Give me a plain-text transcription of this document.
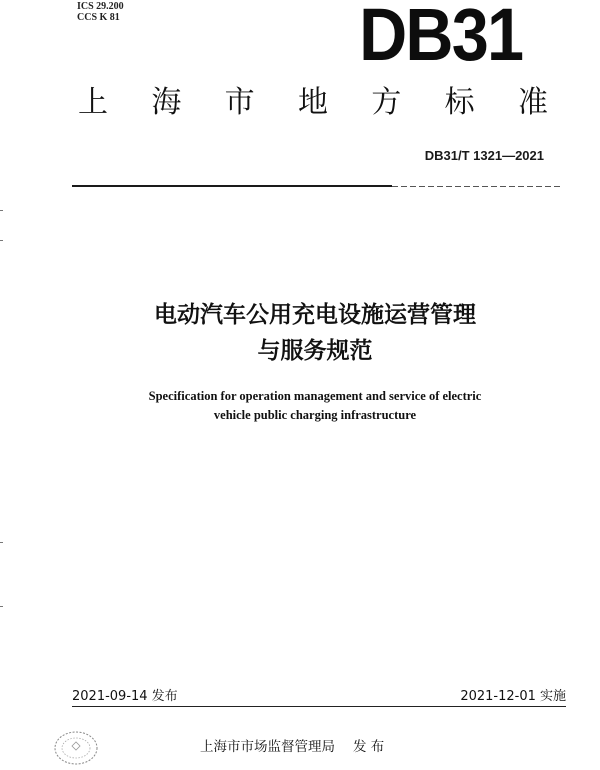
ICS 29.200
CCS K 81	DB31
上 海 市 地 方 标 准
DB31/T 1321—2021
电动汽车公用充电设施运营管理
与服务规范
Specification for operation management and service of electric
vehicle public charging infrastructure
2021-09-14 发布	2021-12-01 实施
上海市市场监督管理局 发 布
